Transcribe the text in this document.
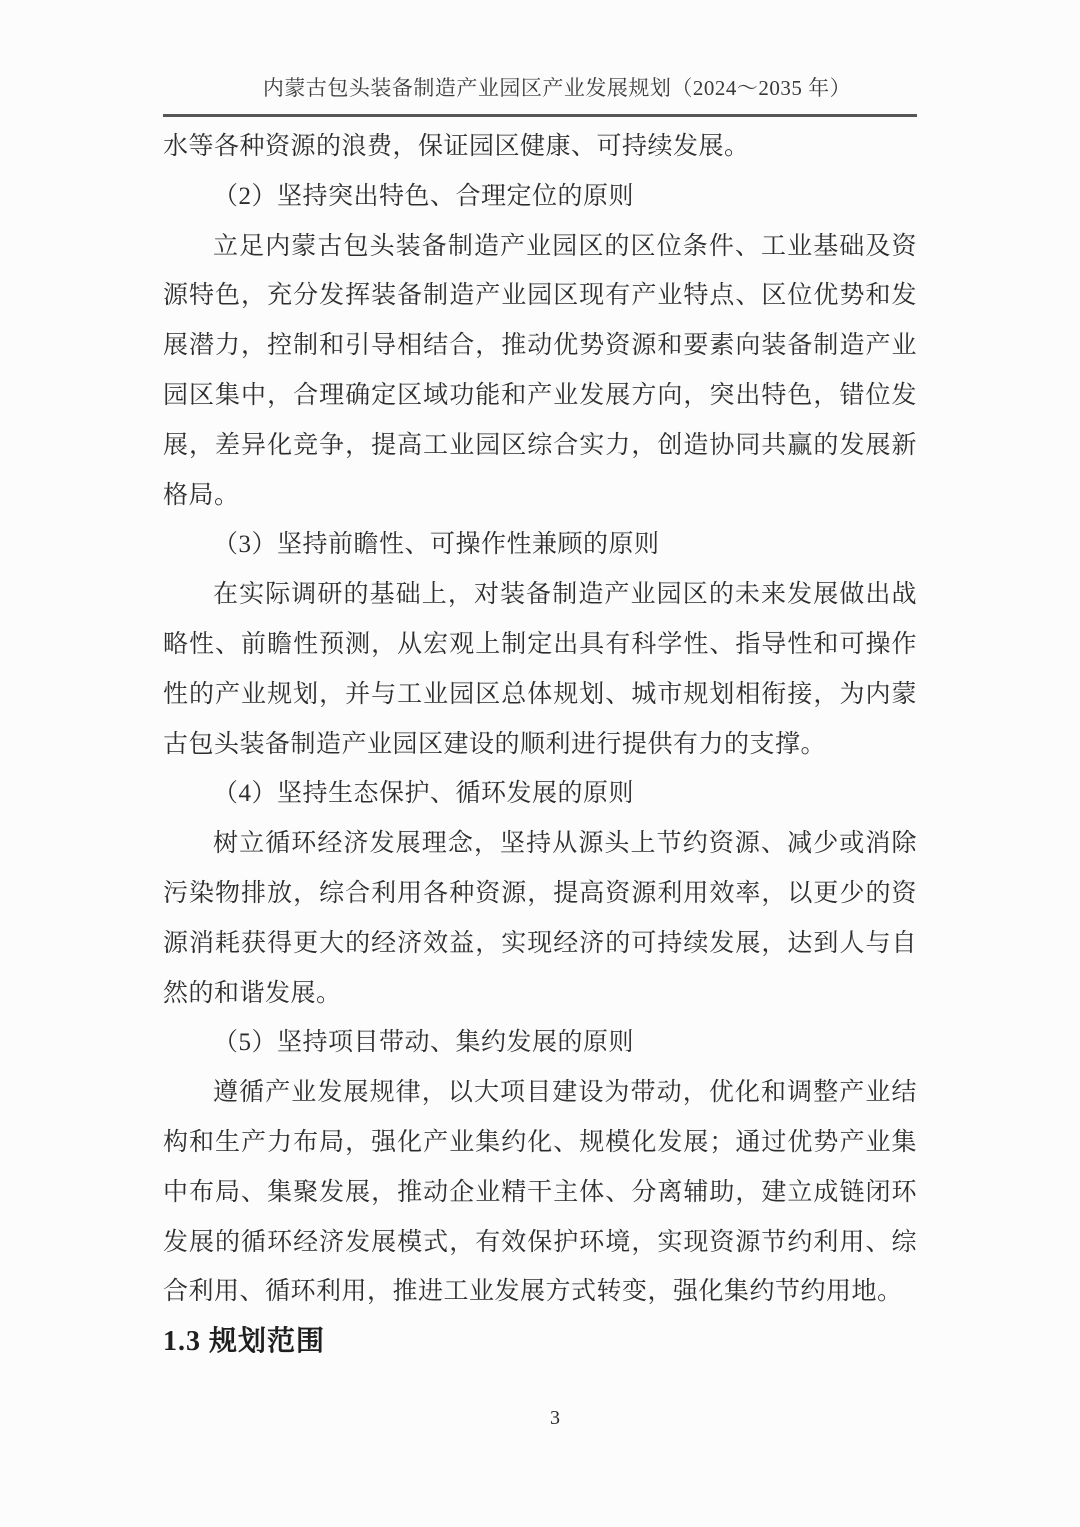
内蒙古包头装备制造产业园区产业发展规划（2024～2035 年）

水等各种资源的浪费，保证园区健康、可持续发展。

（2）坚持突出特色、合理定位的原则

立足内蒙古包头装备制造产业园区的区位条件、工业基础及资源特色，充分发挥装备制造产业园区现有产业特点、区位优势和发展潜力，控制和引导相结合，推动优势资源和要素向装备制造产业园区集中，合理确定区域功能和产业发展方向，突出特色，错位发展，差异化竞争，提高工业园区综合实力，创造协同共赢的发展新格局。

（3）坚持前瞻性、可操作性兼顾的原则

在实际调研的基础上，对装备制造产业园区的未来发展做出战略性、前瞻性预测，从宏观上制定出具有科学性、指导性和可操作性的产业规划，并与工业园区总体规划、城市规划相衔接，为内蒙古包头装备制造产业园区建设的顺利进行提供有力的支撑。

（4）坚持生态保护、循环发展的原则

树立循环经济发展理念，坚持从源头上节约资源、减少或消除污染物排放，综合利用各种资源，提高资源利用效率，以更少的资源消耗获得更大的经济效益，实现经济的可持续发展，达到人与自然的和谐发展。

（5）坚持项目带动、集约发展的原则

遵循产业发展规律，以大项目建设为带动，优化和调整产业结构和生产力布局，强化产业集约化、规模化发展；通过优势产业集中布局、集聚发展，推动企业精干主体、分离辅助，建立成链闭环发展的循环经济发展模式，有效保护环境，实现资源节约利用、综合利用、循环利用，推进工业发展方式转变，强化集约节约用地。

1.3 规划范围

3
